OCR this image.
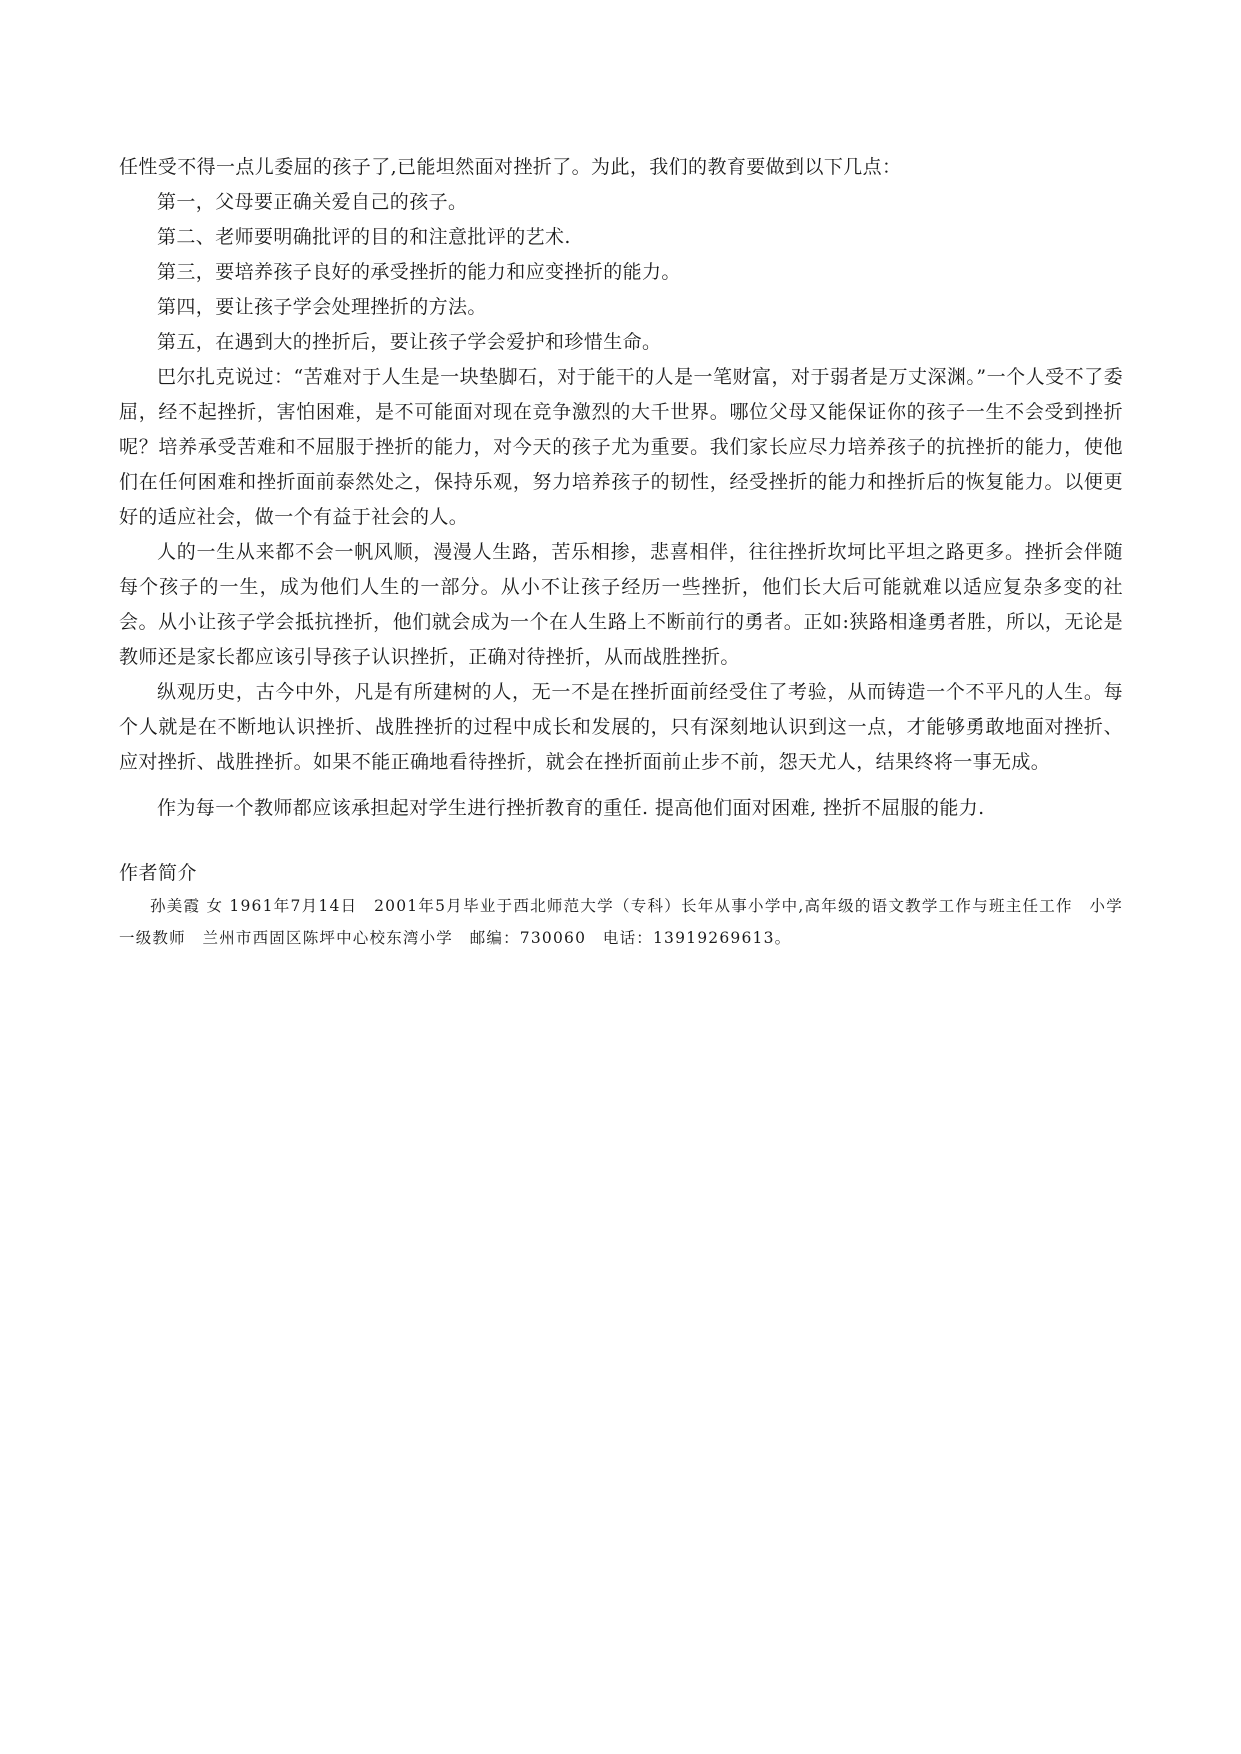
任性受不得一点儿委屈的孩子了,已能坦然面对挫折了。为此，我们的教育要做到以下几点：

第一，父母要正确关爱自己的孩子。

第二、老师要明确批评的目的和注意批评的艺术.

第三，要培养孩子良好的承受挫折的能力和应变挫折的能力。

第四，要让孩子学会处理挫折的方法。

第五，在遇到大的挫折后，要让孩子学会爱护和珍惜生命。

巴尔扎克说过：“苦难对于人生是一块垫脚石，对于能干的人是一笔财富，对于弱者是万丈深渊。”一个人受不了委屈，经不起挫折，害怕困难，是不可能面对现在竞争激烈的大千世界。哪位父母又能保证你的孩子一生不会受到挫折呢？培养承受苦难和不屈服于挫折的能力，对今天的孩子尤为重要。我们家长应尽力培养孩子的抗挫折的能力，使他们在任何困难和挫折面前泰然处之，保持乐观，努力培养孩子的韧性，经受挫折的能力和挫折后的恢复能力。以便更好的适应社会，做一个有益于社会的人。

人的一生从来都不会一帆风顺，漫漫人生路，苦乐相掺，悲喜相伴，往往挫折坎坷比平坦之路更多。挫折会伴随每个孩子的一生，成为他们人生的一部分。从小不让孩子经历一些挫折，他们长大后可能就难以适应复杂多变的社会。从小让孩子学会抵抗挫折，他们就会成为一个在人生路上不断前行的勇者。正如:狭路相逢勇者胜，所以，无论是教师还是家长都应该引导孩子认识挫折，正确对待挫折，从而战胜挫折。

纵观历史，古今中外，凡是有所建树的人，无一不是在挫折面前经受住了考验，从而铸造一个不平凡的人生。每个人就是在不断地认识挫折、战胜挫折的过程中成长和发展的，只有深刻地认识到这一点，才能够勇敢地面对挫折、应对挫折、战胜挫折。如果不能正确地看待挫折，就会在挫折面前止步不前，怨天尤人，结果终将一事无成。

作为每一个教师都应该承担起对学生进行挫折教育的重任. 提高他们面对困难, 挫折不屈服的能力.

作者简介

孙美霞 女 1961年7月14日　2001年5月毕业于西北师范大学（专科）长年从事小学中,高年级的语文教学工作与班主任工作　小学一级教师　兰州市西固区陈坪中心校东湾小学　邮编：730060　电话：13919269613。
